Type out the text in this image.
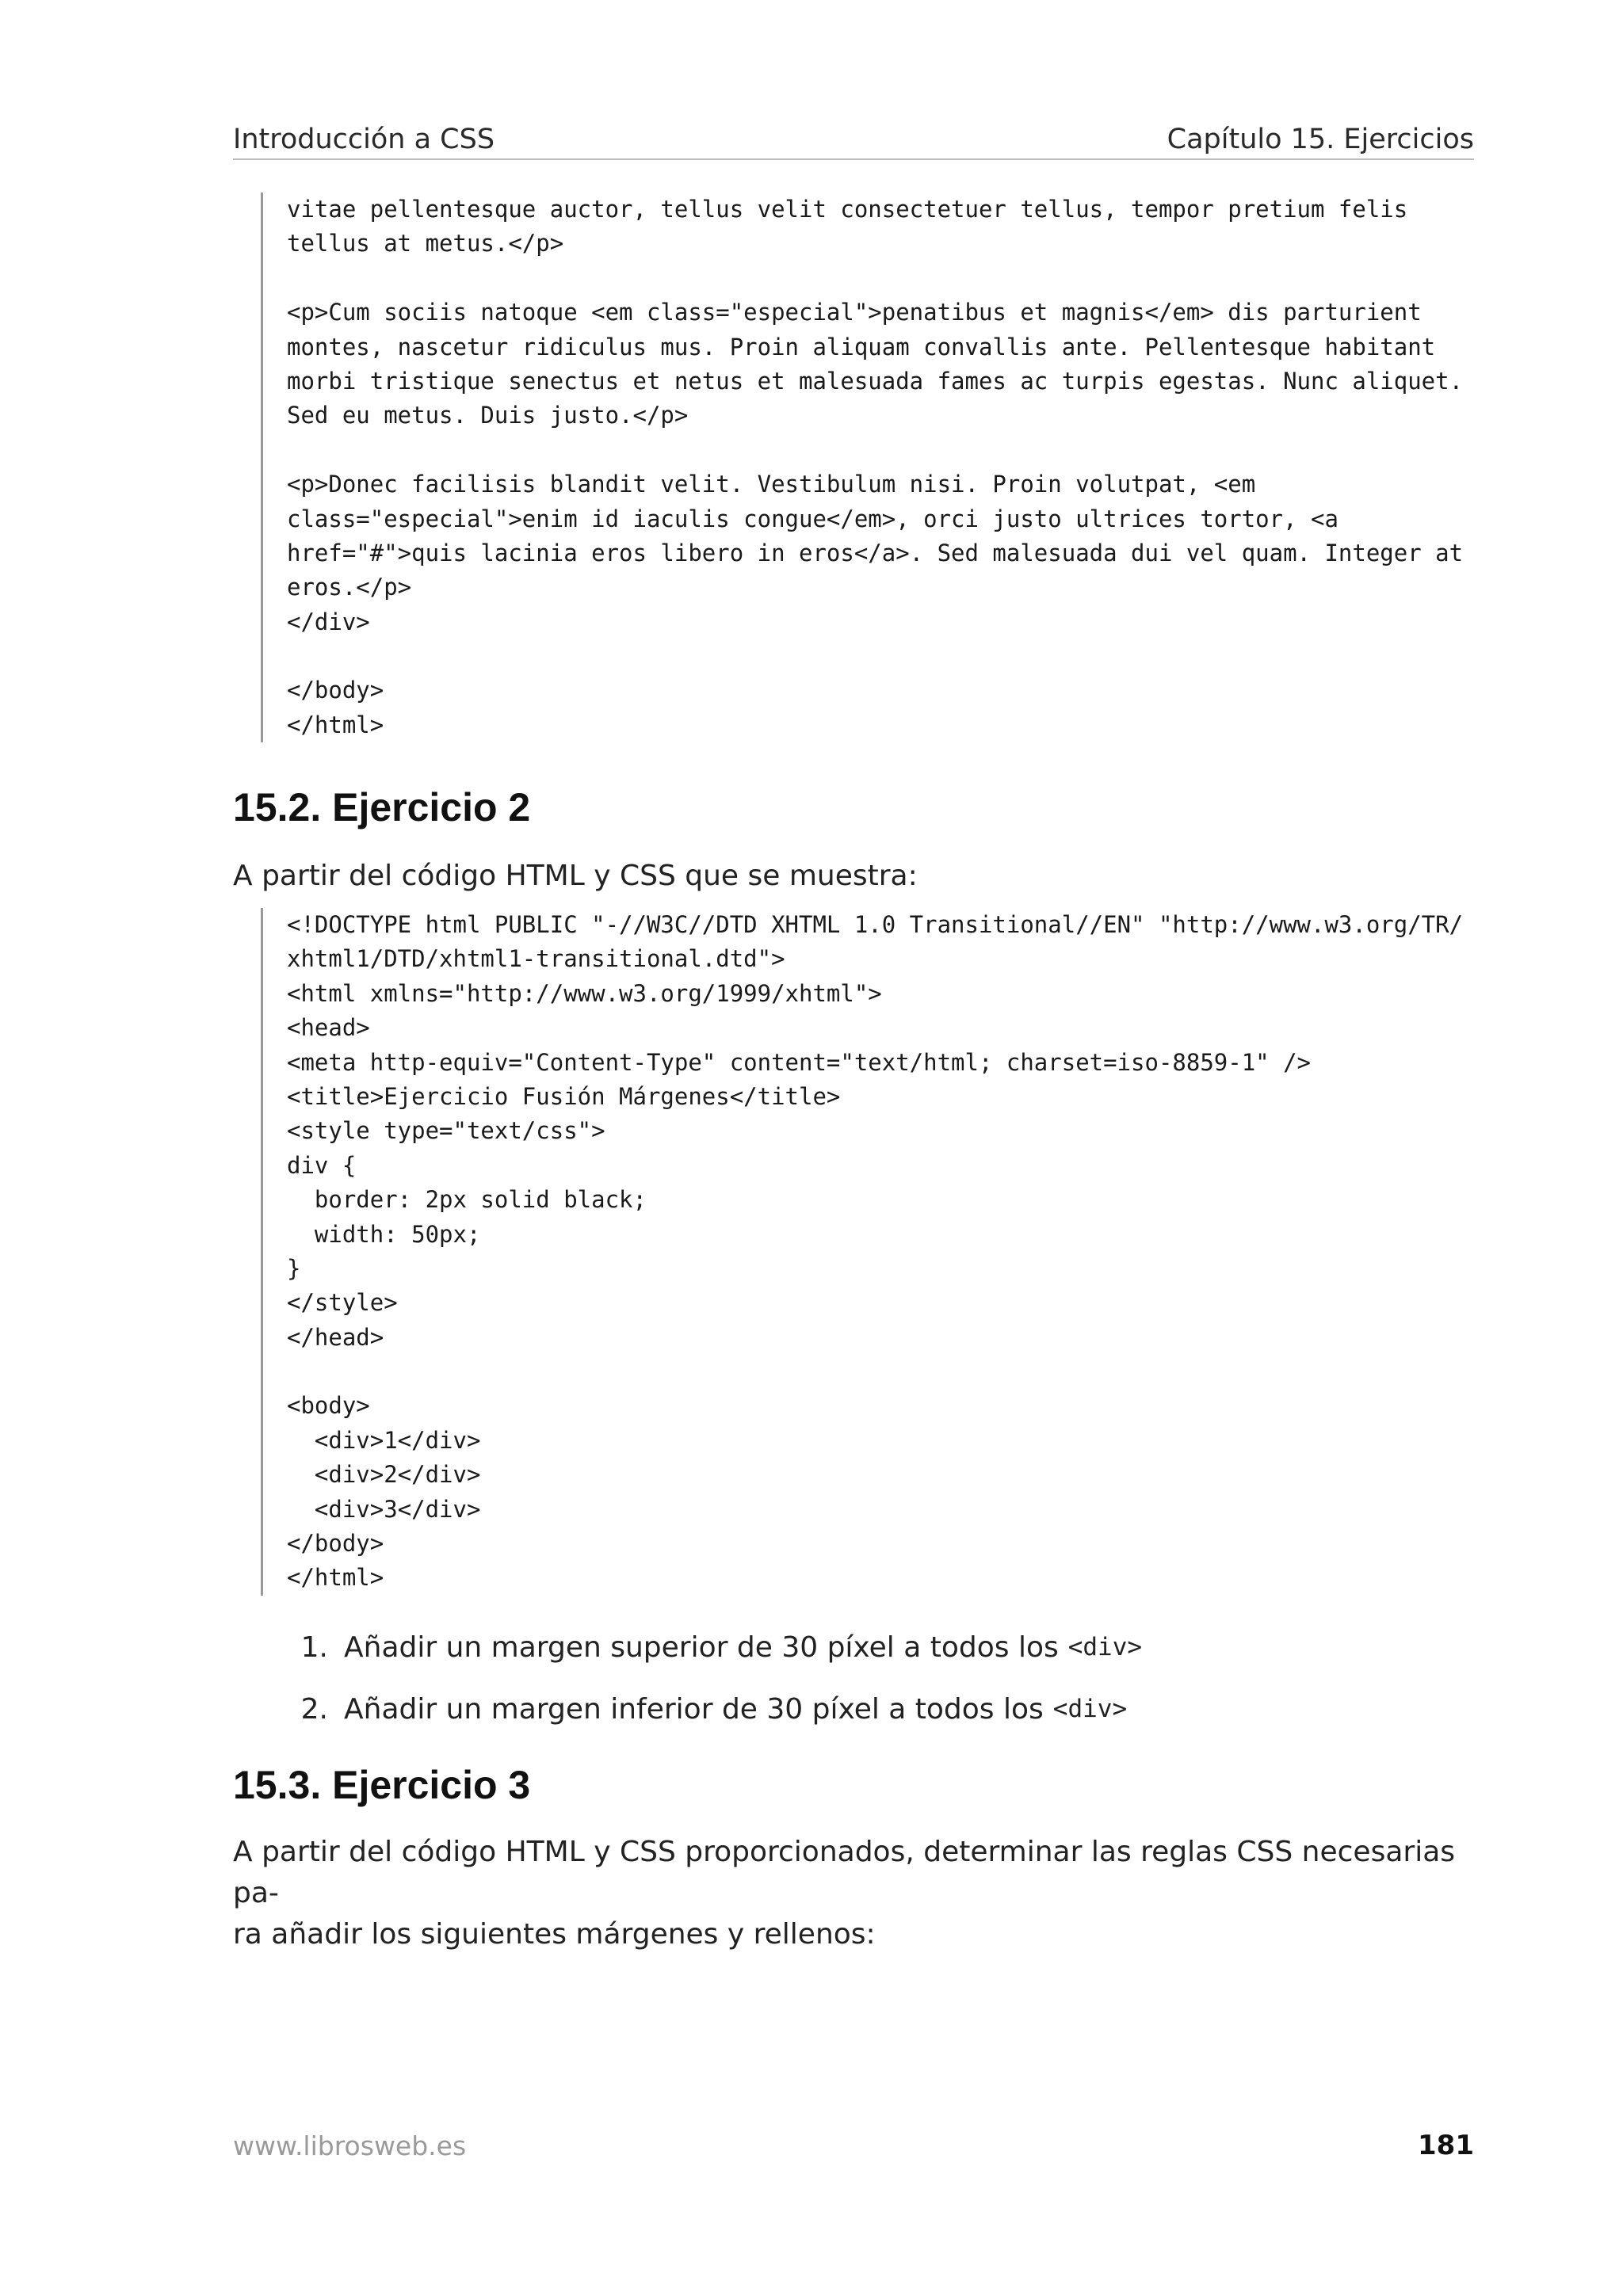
Introducción a CSS	Capítulo 15. Ejercicios
vitae pellentesque auctor, tellus velit consectetuer tellus, tempor pretium felis
tellus at metus.</p>
<p>Cum sociis natoque <em class="especial">penatibus et magnis</em> dis parturient
montes, nascetur ridiculus mus. Proin aliquam convallis ante. Pellentesque habitant
morbi tristique senectus et netus et malesuada fames ac turpis egestas. Nunc aliquet.
Sed eu metus. Duis justo.</p>
<p>Donec facilisis blandit velit. Vestibulum nisi. Proin volutpat, <em
class="especial">enim id iaculis congue</em>, orci justo ultrices tortor, <a
href="#">quis lacinia eros libero in eros</a>. Sed malesuada dui vel quam. Integer at
eros.</p>
</div>
</body>
</html>
15.2. Ejercicio 2

A partir del código HTML y CSS que se muestra:

<!DOCTYPE html PUBLIC "-//W3C//DTD XHTML 1.0 Transitional//EN" "http://www.w3.org/TR/
xhtml1/DTD/xhtml1-transitional.dtd">
<html xmlns="http://www.w3.org/1999/xhtml">
<head>
<meta http-equiv="Content-Type" content="text/html; charset=iso-8859-1" />
<title>Ejercicio Fusión Márgenes</title>
<style type="text/css">
div {
border: 2px solid black;
width: 50px;
}
</style>
</head>
<body>
<div>1</div>
<div>2</div>
<div>3</div>
</body>
</html>
1. Añadir un margen superior de 30 píxel a todos los <div>
2. Añadir un margen inferior de 30 píxel a todos los <div>
15.3. Ejercicio 3
A partir del código HTML y CSS proporcionados, determinar las reglas CSS necesarias pa-
ra añadir los siguientes márgenes y rellenos:
www.librosweb.es	181
